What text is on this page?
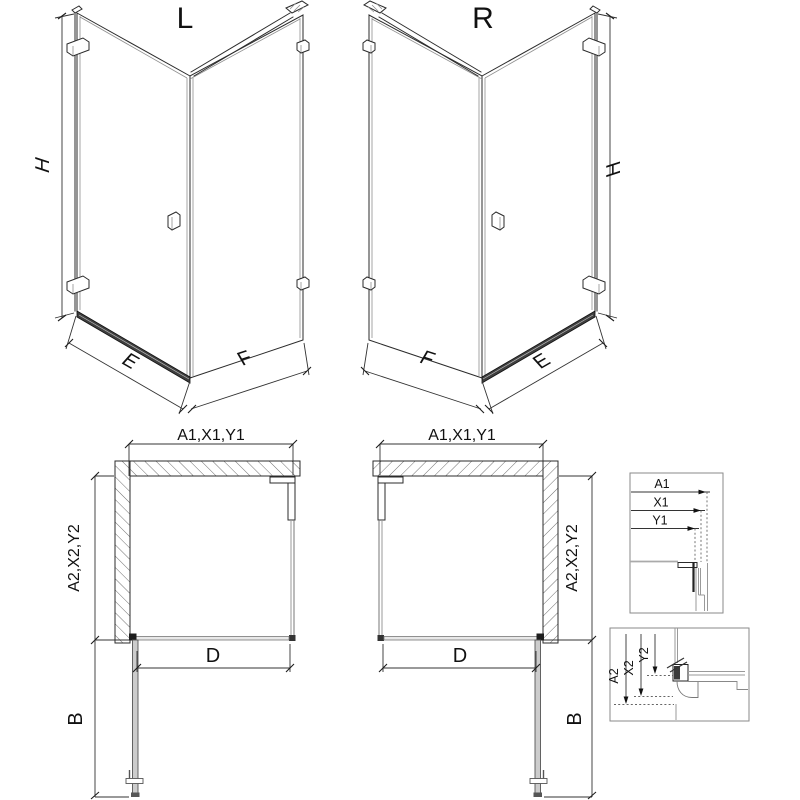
L
H
E	F
R
H
E
F
A1,X1,Y1
A2,X2,Y2
D
B
A1,X1,Y1
A2,X2,Y2
D
B
A1
X1
Y1
A2
X2
Y2
